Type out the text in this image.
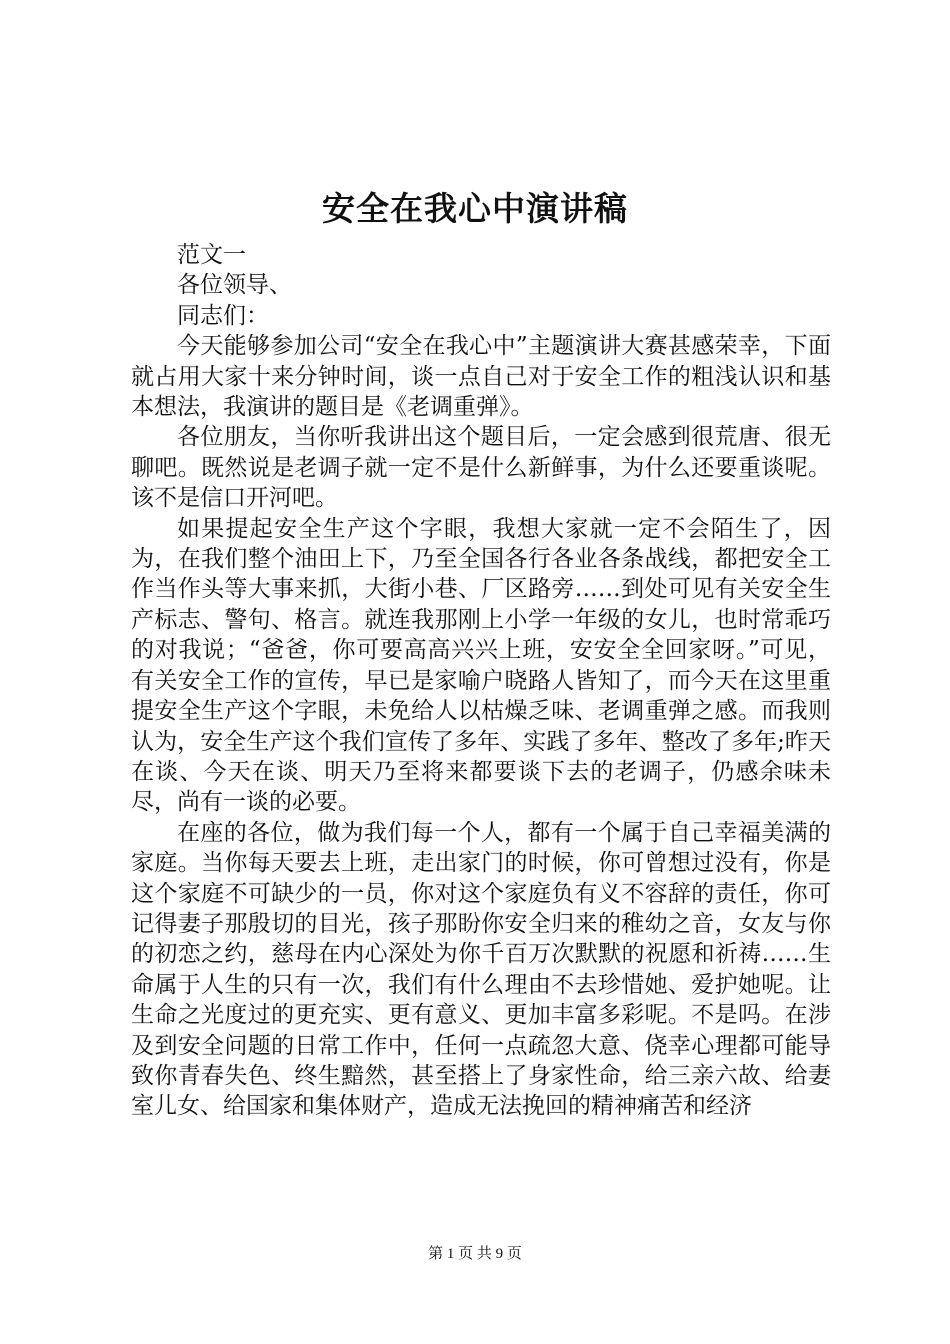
安全在我心中演讲稿

范文一

各位领导、

同志们：

今天能够参加公司“安全在我心中”主题演讲大赛甚感荣幸，下面就占用大家十来分钟时间，谈一点自己对于安全工作的粗浅认识和基本想法，我演讲的题目是《老调重弹》。

各位朋友，当你听我讲出这个题目后，一定会感到很荒唐、很无聊吧。既然说是老调子就一定不是什么新鲜事，为什么还要重谈呢。该不是信口开河吧。

如果提起安全生产这个字眼，我想大家就一定不会陌生了，因为，在我们整个油田上下，乃至全国各行各业各条战线，都把安全工作当作头等大事来抓，大街小巷、厂区路旁……到处可见有关安全生产标志、警句、格言。就连我那刚上小学一年级的女儿，也时常乖巧的对我说；“爸爸，你可要高高兴兴上班，安安全全回家呀。”可见，有关安全工作的宣传，早已是家喻户晓路人皆知了，而今天在这里重提安全生产这个字眼，未免给人以枯燥乏味、老调重弹之感。而我则认为，安全生产这个我们宣传了多年、实践了多年、整改了多年;昨天在谈、今天在谈、明天乃至将来都要谈下去的老调子，仍感余味未尽，尚有一谈的必要。

在座的各位，做为我们每一个人，都有一个属于自己幸福美满的家庭。当你每天要去上班，走出家门的时候，你可曾想过没有，你是这个家庭不可缺少的一员，你对这个家庭负有义不容辞的责任，你可记得妻子那殷切的目光，孩子那盼你安全归来的稚幼之音，女友与你的初恋之约，慈母在内心深处为你千百万次默默的祝愿和祈祷……生命属于人生的只有一次，我们有什么理由不去珍惜她、爱护她呢。让生命之光度过的更充实、更有意义、更加丰富多彩呢。不是吗。在涉及到安全问题的日常工作中，任何一点疏忽大意、侥幸心理都可能导致你青春失色、终生黯然，甚至搭上了身家性命，给三亲六故、给妻室儿女、给国家和集体财产，造成无法挽回的精神痛苦和经济

第 1 页 共 9 页
